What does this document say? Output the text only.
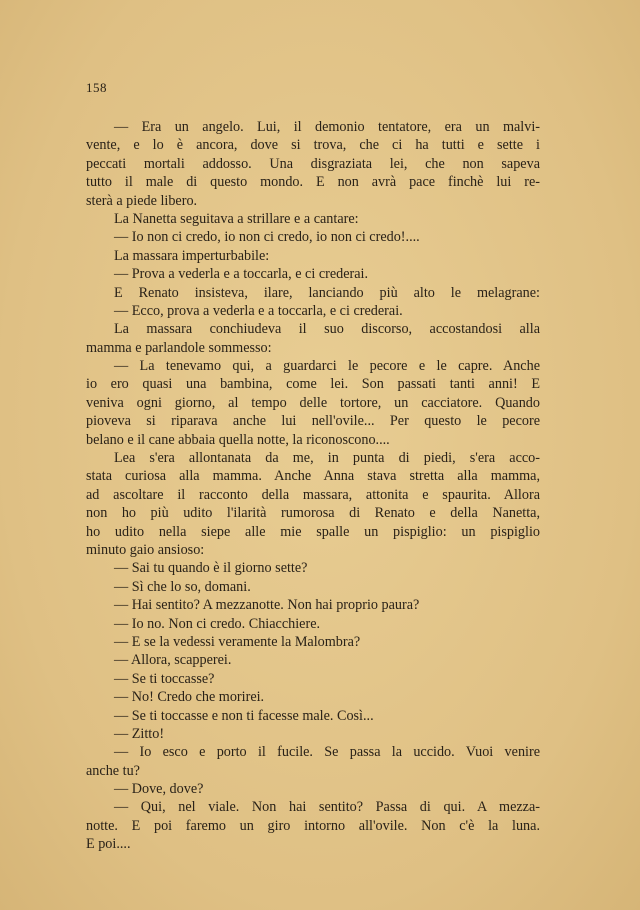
158
— Era un angelo. Lui, il demonio tentatore, era un malvi-
vente, e lo è ancora, dove si trova, che ci ha tutti e sette i
peccati mortali addosso. Una disgraziata lei, che non sapeva
tutto il male di questo mondo. E non avrà pace finchè lui re-
sterà a piede libero.
La Nanetta seguitava a strillare e a cantare:
— Io non ci credo, io non ci credo, io non ci credo!....
La massara imperturbabile:
— Prova a vederla e a toccarla, e ci crederai.
E Renato insisteva, ilare, lanciando più alto le melagrane:
— Ecco, prova a vederla e a toccarla, e ci crederai.
La massara conchiudeva il suo discorso, accostandosi alla
mamma e parlandole sommesso:
— La tenevamo qui, a guardarci le pecore e le capre. Anche
io ero quasi una bambina, come lei. Son passati tanti anni! E
veniva ogni giorno, al tempo delle tortore, un cacciatore. Quando
pioveva si riparava anche lui nell'ovile... Per questo le pecore
belano e il cane abbaia quella notte, la riconoscono....
Lea s'era allontanata da me, in punta di piedi, s'era acco-
stata curiosa alla mamma. Anche Anna stava stretta alla mamma,
ad ascoltare il racconto della massara, attonita e spaurita. Allora
non ho più udito l'ilarità rumorosa di Renato e della Nanetta,
ho udito nella siepe alle mie spalle un pispiglio: un pispiglio
minuto gaio ansioso:
— Sai tu quando è il giorno sette?
— Sì che lo so, domani.
— Hai sentito? A mezzanotte. Non hai proprio paura?
— Io no. Non ci credo. Chiacchiere.
— E se la vedessi veramente la Malombra?
— Allora, scapperei.
— Se ti toccasse?
— No! Credo che morirei.
— Se ti toccasse e non ti facesse male. Così...
— Zitto!
— Io esco e porto il fucile. Se passa la uccido. Vuoi venire
anche tu?
— Dove, dove?
— Qui, nel viale. Non hai sentito? Passa di qui. A mezza-
notte. E poi faremo un giro intorno all'ovile. Non c'è la luna.
E poi....
